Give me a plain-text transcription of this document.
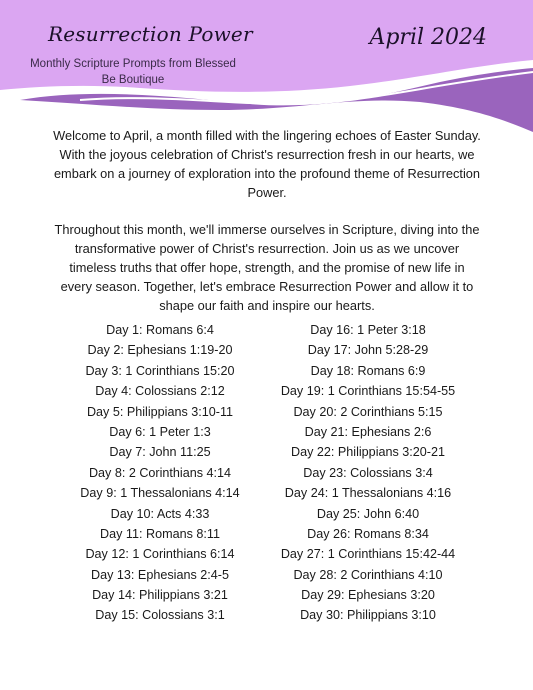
Resurrection Power
Monthly Scripture Prompts from Blessed Be Boutique
April 2024

Welcome to April, a month filled with the lingering echoes of Easter Sunday. With the joyous celebration of Christ's resurrection fresh in our hearts, we embark on a journey of exploration into the profound theme of Resurrection Power.

Throughout this month, we'll immerse ourselves in Scripture, diving into the transformative power of Christ's resurrection. Join us as we uncover timeless truths that offer hope, strength, and the promise of new life in every season. Together, let's embrace Resurrection Power and allow it to shape our faith and inspire our hearts.

Day 1: Romans 6:4
Day 2: Ephesians 1:19-20
Day 3: 1 Corinthians 15:20
Day 4: Colossians 2:12
Day 5: Philippians 3:10-11
Day 6: 1 Peter 1:3
Day 7: John 11:25
Day 8: 2 Corinthians 4:14
Day 9: 1 Thessalonians 4:14
Day 10: Acts 4:33
Day 11: Romans 8:11
Day 12: 1 Corinthians 6:14
Day 13: Ephesians 2:4-5
Day 14: Philippians 3:21
Day 15: Colossians 3:1
Day 16: 1 Peter 3:18
Day 17: John 5:28-29
Day 18: Romans 6:9
Day 19: 1 Corinthians 15:54-55
Day 20: 2 Corinthians 5:15
Day 21: Ephesians 2:6
Day 22: Philippians 3:20-21
Day 23: Colossians 3:4
Day 24: 1 Thessalonians 4:16
Day 25: John 6:40
Day 26: Romans 8:34
Day 27: 1 Corinthians 15:42-44
Day 28: 2 Corinthians 4:10
Day 29: Ephesians 3:20
Day 30: Philippians 3:10
